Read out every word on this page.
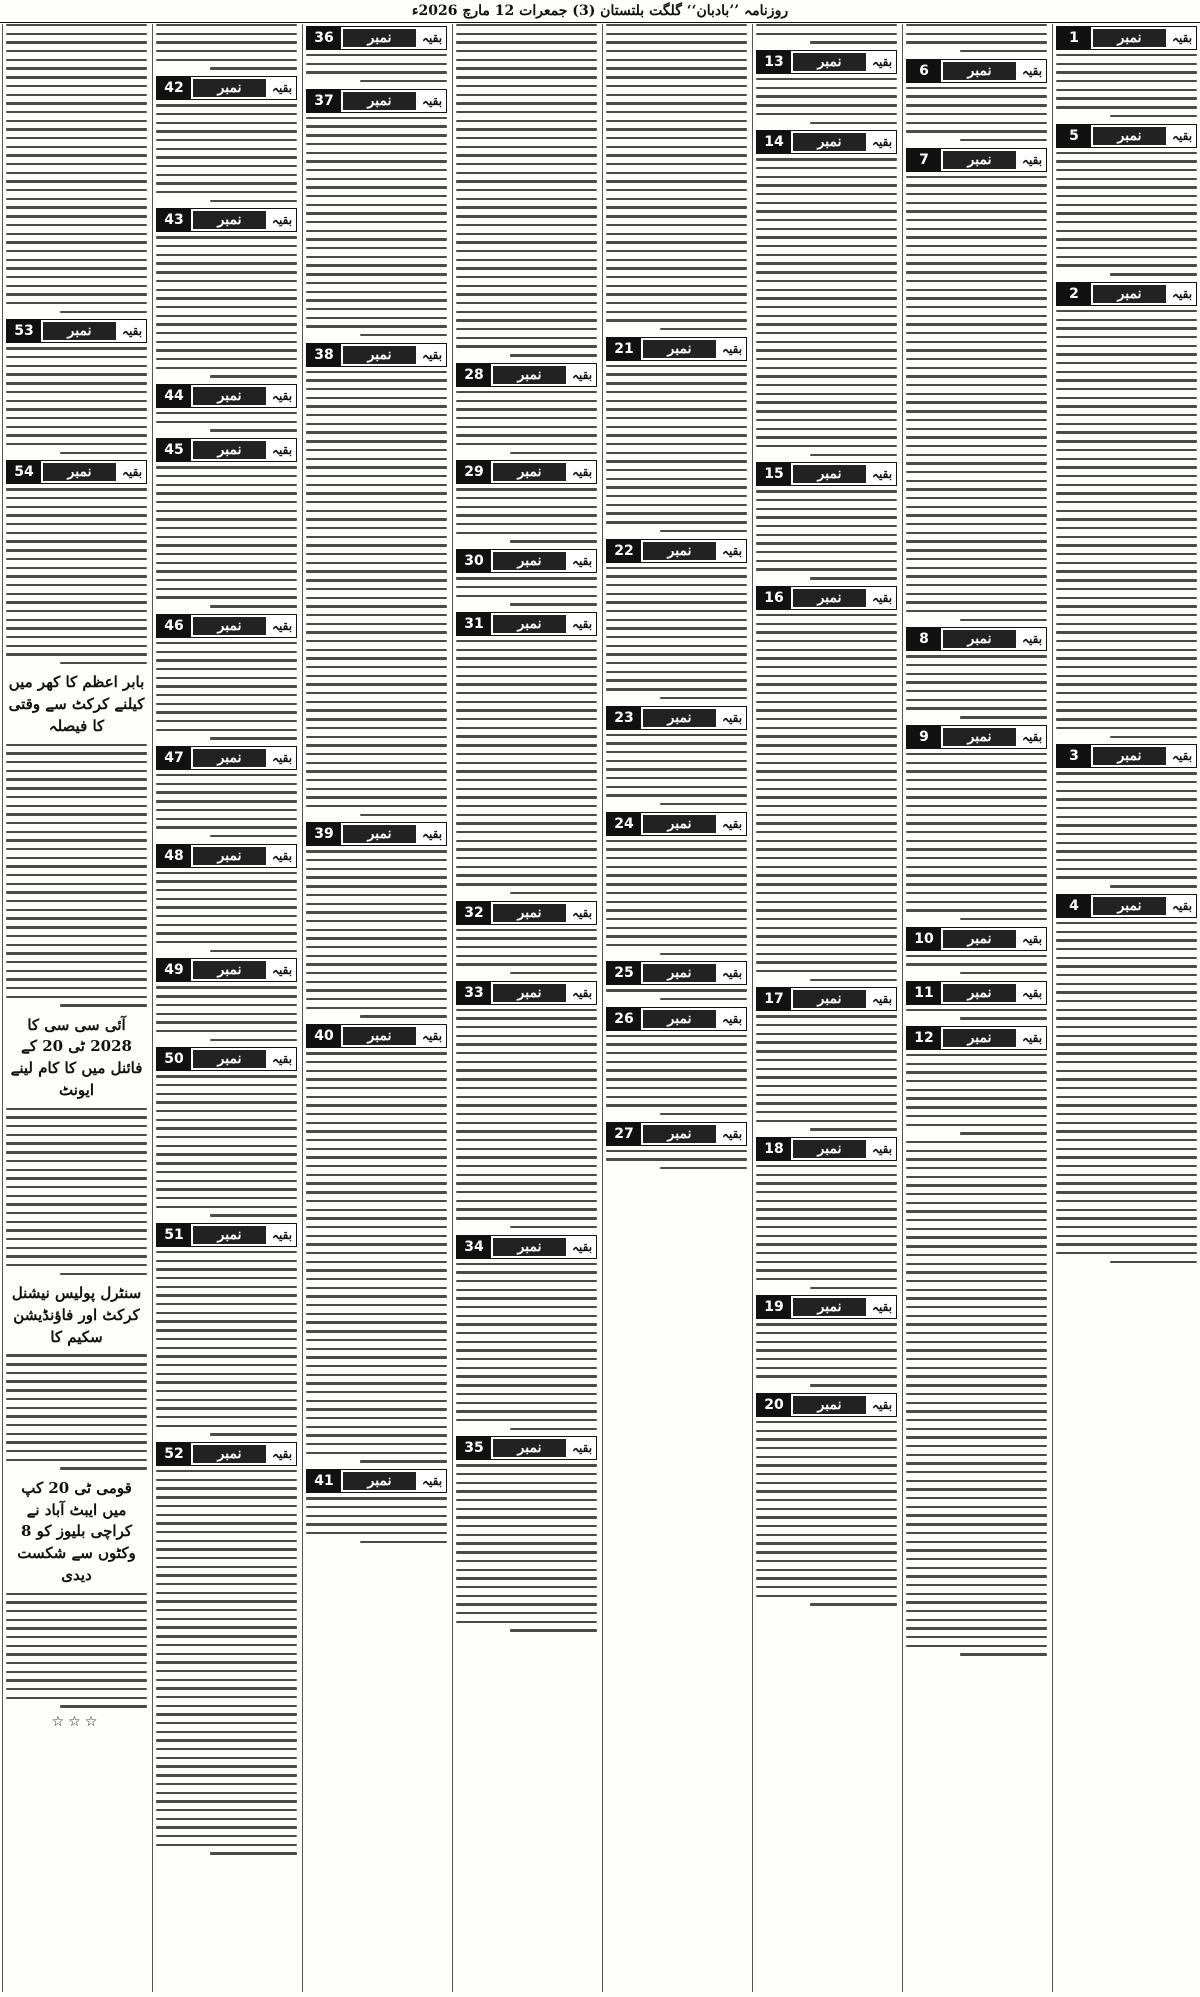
روزنامہ ’’بادبان‘‘ گلگت بلتستان (3) جمعرات 12 مارچ 2026ء
1	نمبر	بقیہ
5	نمبر	بقیہ
2	نمبر	بقیہ
3	نمبر	بقیہ
4	نمبر	بقیہ
6	نمبر	بقیہ
7	نمبر	بقیہ
8	نمبر	بقیہ
9	نمبر	بقیہ
10	نمبر	بقیہ
11	نمبر	بقیہ
12	نمبر	بقیہ
13	نمبر	بقیہ
14	نمبر	بقیہ
15	نمبر	بقیہ
16	نمبر	بقیہ
17	نمبر	بقیہ
18	نمبر	بقیہ
19	نمبر	بقیہ
20	نمبر	بقیہ
21	نمبر	بقیہ
22	نمبر	بقیہ
23	نمبر	بقیہ
24	نمبر	بقیہ
25	نمبر	بقیہ
26	نمبر	بقیہ
27	نمبر	بقیہ
28	نمبر	بقیہ
29	نمبر	بقیہ
30	نمبر	بقیہ
31	نمبر	بقیہ
32	نمبر	بقیہ
33	نمبر	بقیہ
34	نمبر	بقیہ
35	نمبر	بقیہ
36	نمبر	بقیہ
37	نمبر	بقیہ
38	نمبر	بقیہ
39	نمبر	بقیہ
40	نمبر	بقیہ
41	نمبر	بقیہ
42	نمبر	بقیہ
43	نمبر	بقیہ
44	نمبر	بقیہ
45	نمبر	بقیہ
46	نمبر	بقیہ
47	نمبر	بقیہ
48	نمبر	بقیہ
49	نمبر	بقیہ
50	نمبر	بقیہ
51	نمبر	بقیہ
52	نمبر	بقیہ
53	نمبر	بقیہ
54	نمبر	بقیہ
بابر اعظم کا کھر میں کیلنے کرکٹ سے وقتی کا فیصلہ
آئی سی سی کا 2028 ٹی 20 کے فائنل میں کا کام لینے ایونٹ
سنٹرل پولیس نیشنل کرکٹ اور فاؤنڈیشن سکیم کا
قومی ٹی 20 کپ میں ایبٹ آباد نے کراچی بلیوز کو 8 وکٹوں سے شکست دیدی
☆☆☆
